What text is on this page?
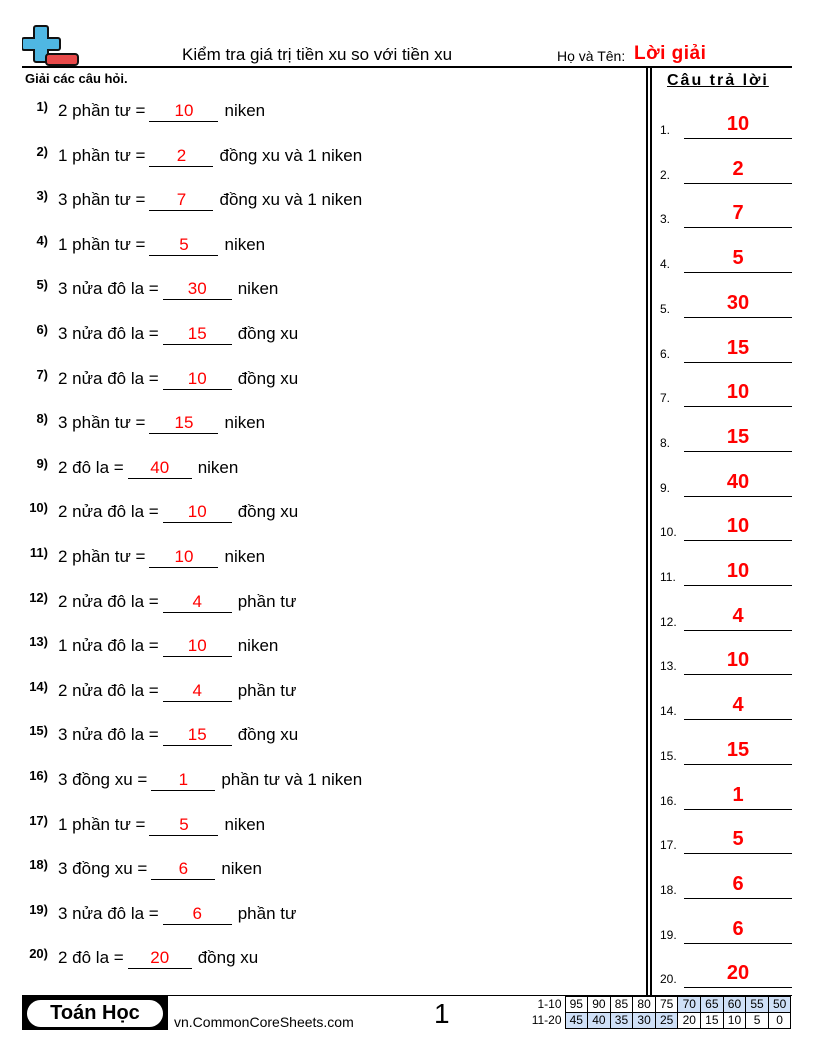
Kiểm tra giá trị tiền xu so với tiền xu	Họ và Tên: Lời giải
Giải các câu hỏi.	Câu trả lời
1) 2 phần tư =	10	niken
2) 1 phần tư =	2	đồng xu và 1 niken
3) 3 phần tư =	7	đồng xu và 1 niken
4) 1 phần tư =	5	niken
5) 3 nửa đô la =	30	niken
6) 3 nửa đô la =	15	đồng xu
7) 2 nửa đô la =	10	đồng xu
8) 3 phần tư =	15	niken
9) 2 đô la =	40	niken
10) 2 nửa đô la =	10	đồng xu
11) 2 phần tư =	10	niken
12) 2 nửa đô la =	4	phần tư
13) 1 nửa đô la =	10	niken
14) 2 nửa đô la =	4	phần tư
15) 3 nửa đô la =	15	đồng xu
16) 3 đồng xu =	1	phần tư và 1 niken
17) 1 phần tư =	5	niken
18) 3 đồng xu =	6	niken
19) 3 nửa đô la =	6	phần tư
20) 2 đô la =	20	đồng xu
1.	10
2.	2
3.	7
4.	5
5.	30
6.	15
7.	10
8.	15
9.	40
10.	10
11.	10
12.	4
13.	10
14.	4
15.	15
16.	1
17.	5
18.	6
19.	6
20.	20
Toán Học	vn.CommonCoreSheets.com	1	1-10	95	90	85	80	75	70	65	60	55	50
11-20	45	40	35	30	25	20	15	10	5	0
